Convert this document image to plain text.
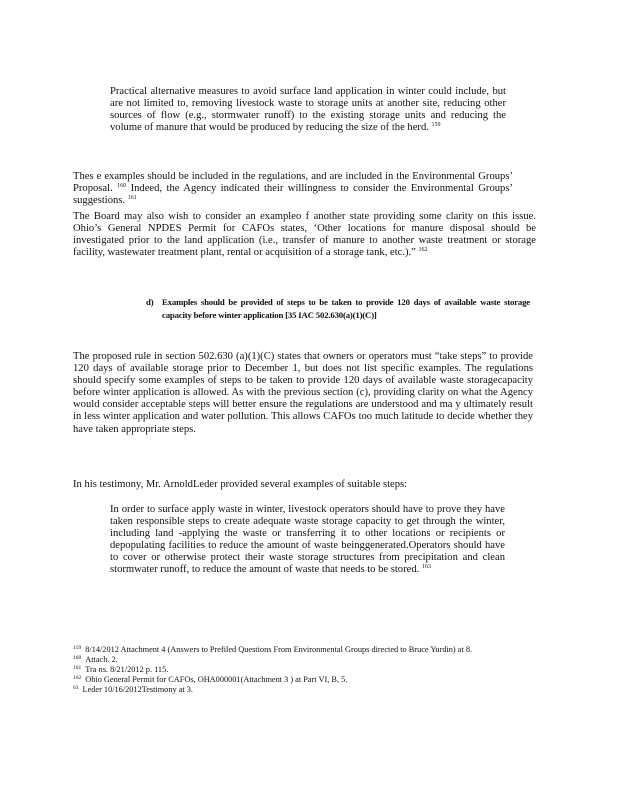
Practical alternative measures to avoid surface land application in winter could include, but are not limited to, removing livestock waste to storage units at another site, reducing other sources of flow (e.g., stormwater runoff) to the existing storage units and reducing the volume of manure that would be produced by reducing the size of the herd. $^{159}$

Thes e examples should be included in the regulations, and are included in the Environmental Groups’ Proposal. $^{160}$ Indeed, the Agency indicated their willingness to consider the Environmental Groups’ suggestions. $^{161}$

The Board may also wish to consider an exampleo f another state providing some clarity on this issue. Ohio’s General NPDES Permit for CAFOs states, ‘Other locations for manure disposal should be investigated prior to the land application (i.e., transfer of manure to another waste treatment or storage facility, wastewater treatment plant, rental or acquisition of a storage tank, etc.).” $^{162}$

d) Examples should be provided of steps to be taken to provide 120 days of available waste storage capacity before winter application [35 IAC 502.630(a)(1)(C)]

The proposed rule in section 502.630 (a)(1)(C) states that owners or operators must “take steps” to provide 120 days of available storage prior to December 1, but does not list specific examples. The regulations should specify some examples of steps to be taken to provide 120 days of available waste storagecapacity before winter application is allowed. As with the previous section (c), providing clarity on what the Agency would consider acceptable steps will better ensure the regulations are understood and ma y ultimately result in less winter application and water pollution. This allows CAFOs too much latitude to decide whether they have taken appropriate steps.

In his testimony, Mr. ArnoldLeder provided several examples of suitable steps:

In order to surface apply waste in winter, livestock operators should have to prove they have taken responsible steps to create adequate waste storage capacity to get through the winter, including land -applying the waste or transferring it to other locations or recipients or depopulating facilities to reduce the amount of waste beinggenerated.Operators should have to cover or otherwise protect their waste storage structures from precipitation and clean stormwater runoff, to reduce the amount of waste that needs to be stored. $^{163}$

$^{159}$ 8/14/2012 Attachment 4 (Answers to Prefiled Questions From Environmental Groups directed to Bruce Yurdin) at 8.

$^{160}$ Attach. 2.

$^{161}$ Tra ns. 8/21/2012 p. 115.

$^{162}$ Ohio General Permit for CAFOs, OHA000001(Attachment 3 ) at Part VI, B, 5.

$^{63}$ Leder 10/16/2012Testimony at 3.
